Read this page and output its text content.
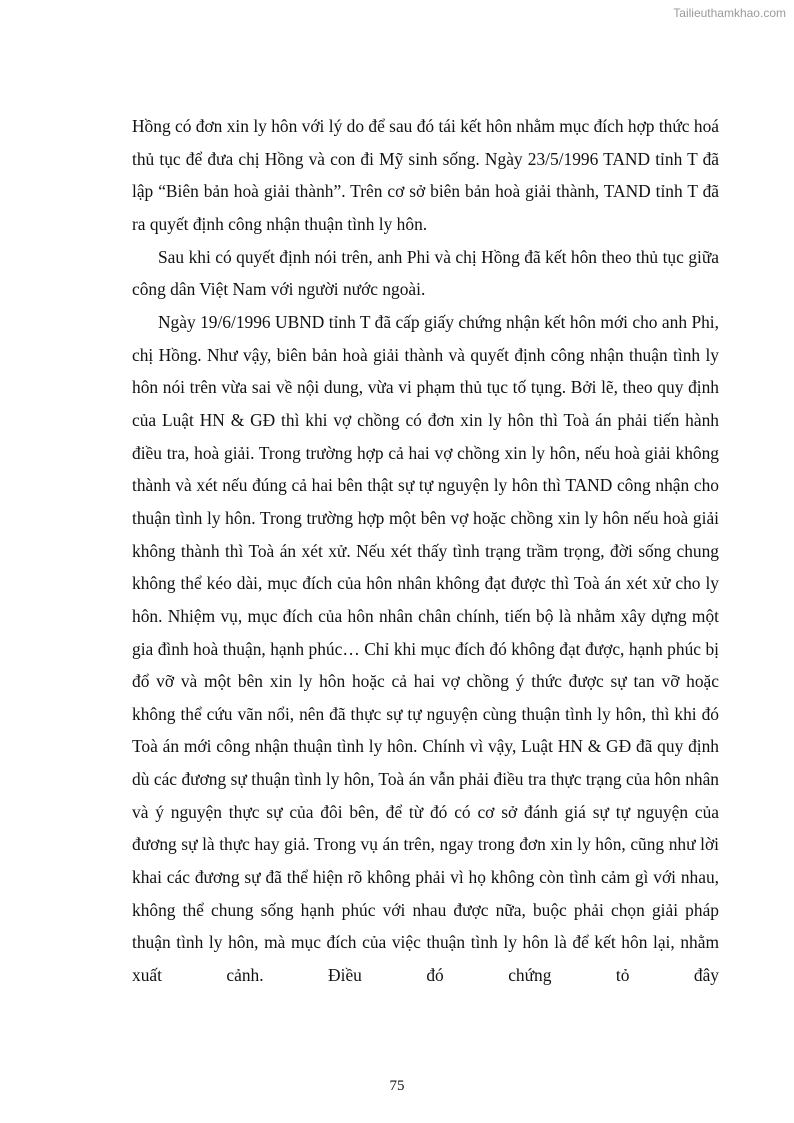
Tailieuthamkhao.com

Hồng có đơn xin ly hôn với lý do để sau đó tái kết hôn nhằm mục đích hợp thức hoá thủ tục để đưa chị Hồng và con đi Mỹ sinh sống. Ngày 23/5/1996 TAND tỉnh T đã lập “Biên bản hoà giải thành”. Trên cơ sở biên bản hoà giải thành, TAND tỉnh T đã ra quyết định công nhận thuận tình ly hôn.

Sau khi có quyết định nói trên, anh Phi và chị Hồng đã kết hôn theo thủ tục giữa công dân Việt Nam với người nước ngoài.

Ngày 19/6/1996 UBND tỉnh T đã cấp giấy chứng nhận kết hôn mới cho anh Phi, chị Hồng. Như vậy, biên bản hoà giải thành và quyết định công nhận thuận tình ly hôn nói trên vừa sai về nội dung, vừa vi phạm thủ tục tố tụng. Bởi lẽ, theo quy định của Luật HN & GĐ thì khi vợ chồng có đơn xin ly hôn thì Toà án phải tiến hành điều tra, hoà giải. Trong trường hợp cả hai vợ chồng xin ly hôn, nếu hoà giải không thành và xét nếu đúng cả hai bên thật sự tự nguyện ly hôn thì TAND công nhận cho thuận tình ly hôn. Trong trường hợp một bên vợ hoặc chồng xin ly hôn nếu hoà giải không thành thì Toà án xét xử. Nếu xét thấy tình trạng trầm trọng, đời sống chung không thể kéo dài, mục đích của hôn nhân không đạt được thì Toà án xét xử cho ly hôn. Nhiệm vụ, mục đích của hôn nhân chân chính, tiến bộ là nhằm xây dựng một gia đình hoà thuận, hạnh phúc… Chỉ khi mục đích đó không đạt được, hạnh phúc bị đổ vỡ và một bên xin ly hôn hoặc cả hai vợ chồng ý thức được sự tan vỡ hoặc không thể cứu vãn nổi, nên đã thực sự tự nguyện cùng thuận tình ly hôn, thì khi đó Toà án mới công nhận thuận tình ly hôn. Chính vì vậy, Luật HN & GĐ đã quy định dù các đương sự thuận tình ly hôn, Toà án vẫn phải điều tra thực trạng của hôn nhân và ý nguyện thực sự của đôi bên, để từ đó có cơ sở đánh giá sự tự nguyện của đương sự là thực hay giả. Trong vụ án trên, ngay trong đơn xin ly hôn, cũng như lời khai các đương sự đã thể hiện rõ không phải vì họ không còn tình cảm gì với nhau, không thể chung sống hạnh phúc với nhau được nữa, buộc phải chọn giải pháp thuận tình ly hôn, mà mục đích của việc thuận tình ly hôn là để kết hôn lại, nhằm xuất cảnh. Điều đó chứng tỏ đây

75
